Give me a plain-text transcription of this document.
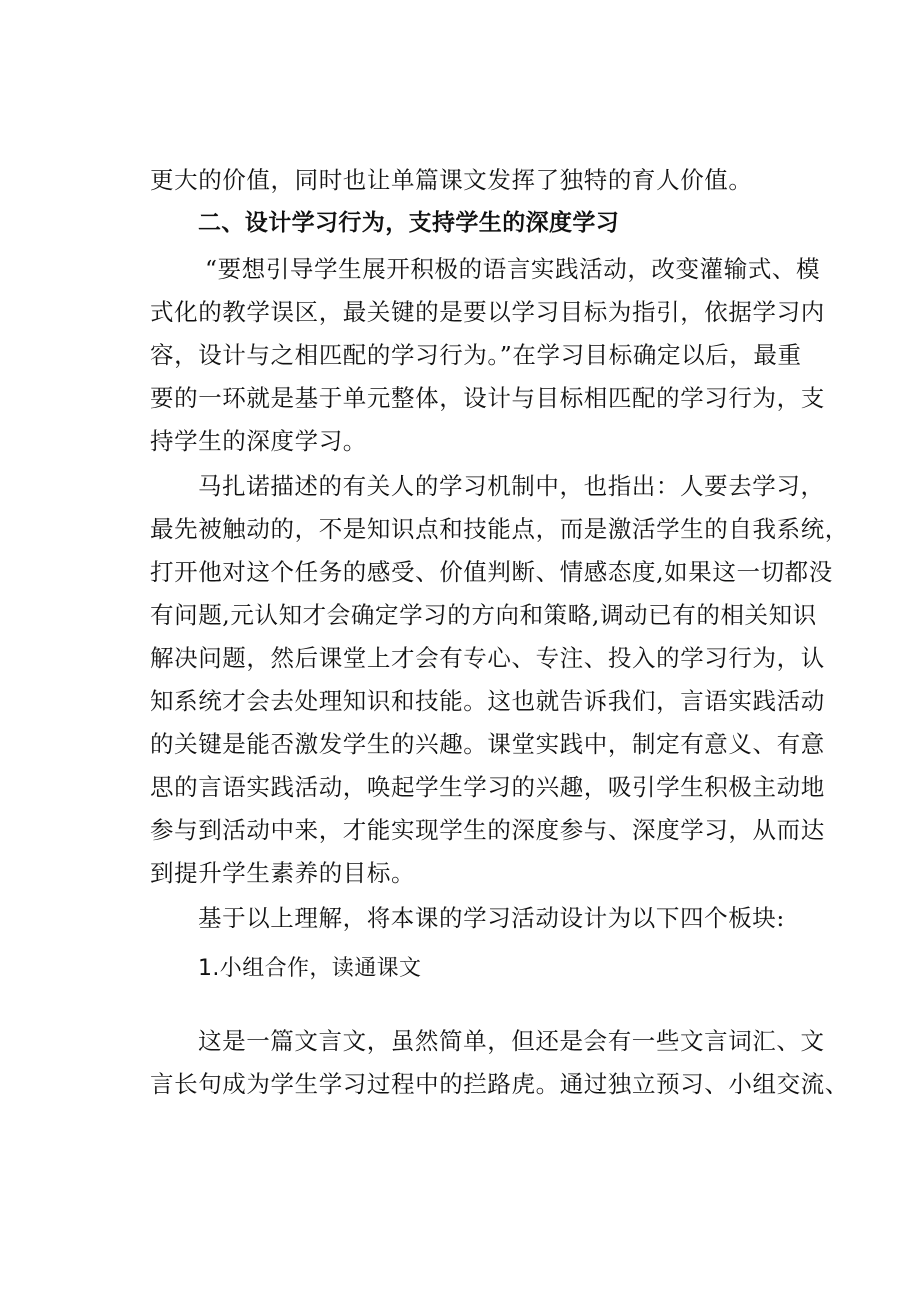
更大的价值，同时也让单篇课文发挥了独特的育人价值。
二、设计学习行为，支持学生的深度学习
“要想引导学生展开积极的语言实践活动，改变灌输式、模
式化的教学误区，最关键的是要以学习目标为指引，依据学习内
容，设计与之相匹配的学习行为。”在学习目标确定以后，最重
要的一环就是基于单元整体，设计与目标相匹配的学习行为，支
持学生的深度学习。
马扎诺描述的有关人的学习机制中，也指出：人要去学习，
最先被触动的，不是知识点和技能点，而是激活学生的自我系统，
打开他对这个任务的感受、价值判断、情感态度,如果这一切都没
有问题,元认知才会确定学习的方向和策略,调动已有的相关知识
解决问题，然后课堂上才会有专心、专注、投入的学习行为，认
知系统才会去处理知识和技能。这也就告诉我们，言语实践活动
的关键是能否激发学生的兴趣。课堂实践中，制定有意义、有意
思的言语实践活动，唤起学生学习的兴趣，吸引学生积极主动地
参与到活动中来，才能实现学生的深度参与、深度学习，从而达
到提升学生素养的目标。
基于以上理解，将本课的学习活动设计为以下四个板块:
1.小组合作，读通课文
这是一篇文言文，虽然简单，但还是会有一些文言词汇、文
言长句成为学生学习过程中的拦路虎。通过独立预习、小组交流、
